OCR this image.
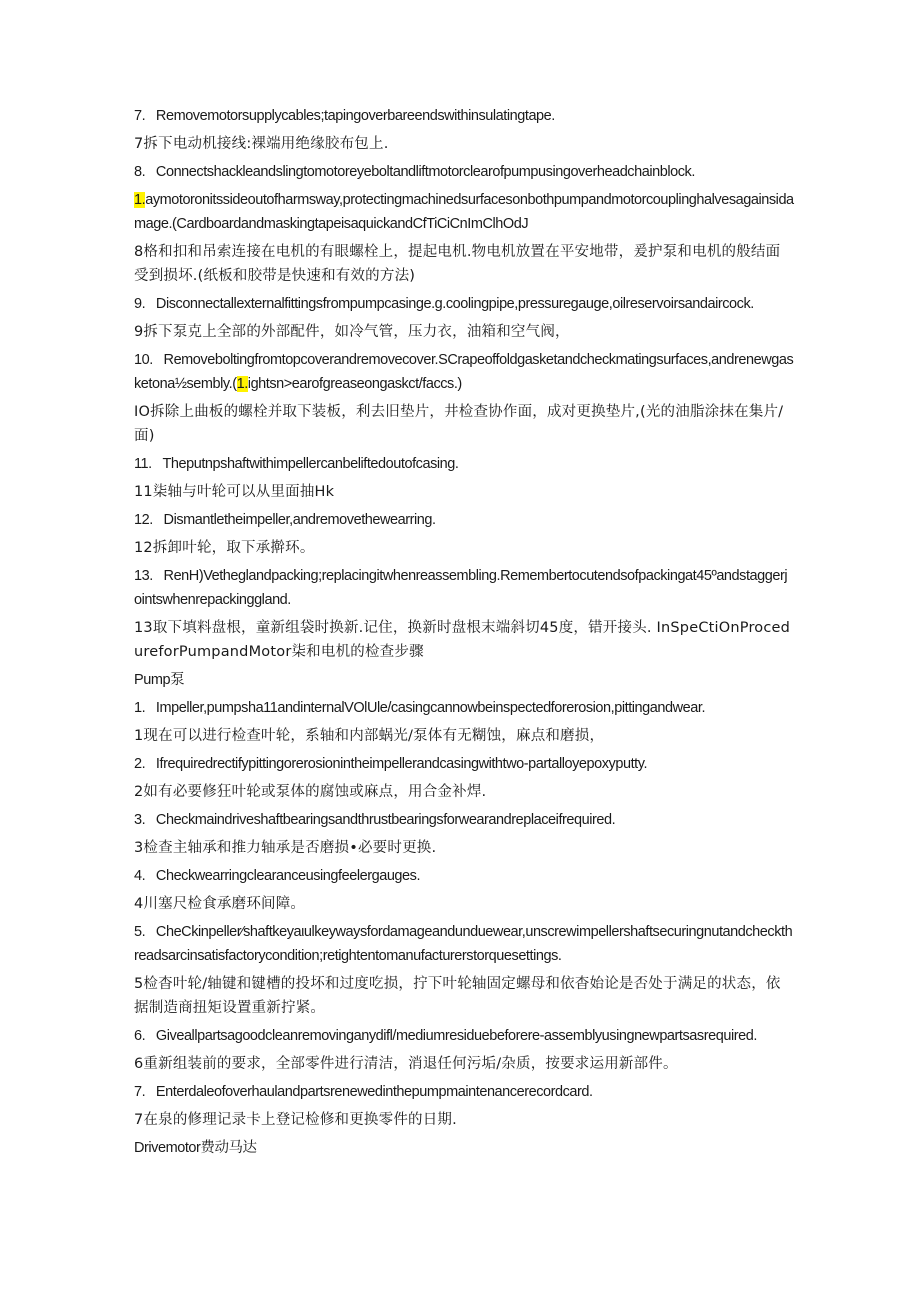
7.   Removemotorsupplycables;tapingoverbareendswithinsulatingtape.

7拆下电动机接线:裸端用绝缘胶布包上.

8.   Connectshackleandslingtomotoreyeboltandliftmotorclearofpumpusingoverheadchainblock.

1.aymotoronitssideoutofharmsway,protectingmachinedsurfacesonbothpumpandmotorcouplinghalvesagainsidamage.(CardboardandmaskingtapeisaquickandCfTiCiCnImClhOdJ

8格和扣和吊索连接在电机的有眼螺栓上，提起电机.物电机放置在平安地带，爰护泵和电机的般结面受到损坏.(纸板和胶带是快速和有效的方法)

9.   Disconnectallexternalfittingsfrompumpcasinge.g.coolingpipe,pressuregauge,oilreservoirsandaircock.

9拆下泵克上全部的外部配件，如冷气管，压力衣，油箱和空气阀，

10.   Removeboltingfromtopcoverandremovecover.SCrapeoffoldgasketandcheckmatingsurfaces,andrenewgasketona½sembly.(1.ightsn>earofgreaseongaskct/faccs.)

IO拆除上曲板的螺栓并取下装板，利去旧垫片，井检查协作面，成对更换垫片,(光的油脂涂抹在集片/面)

11.   Theputnpshaftwithimpellercanbeliftedoutofcasing.

11柒轴与叶轮可以从里面抽Hk

12.   Dismantletheimpeller,andremovethewearring.

12拆卸叶轮，取下承擀环。

13.   RenH)Vetheglandpacking;replacingitwhenreassembling.Remembertocutendsofpackingat45ºandstaggerjointswhenrepackinggland.

13取下填料盘根，童新组袋时换新.记住，换新时盘根末端斜切45度，错开接头. InSpeCtiOnProcedureforPumpandMotor柒和电机的检查步骤

Pump泵

1.   Impeller,pumpsha11andinternalVOlUle/casingcannowbeinspectedforerosion,pittingandwear.

1现在可以进行检查叶轮，系轴和内部蜗光/泵体有无糊蚀，麻点和磨损，

2.   Ifrequiredrectifypittingorerosionintheimpellerandcasingwithtwo-partalloyepoxyputty.

2如有必要修狂叶轮或泵体的腐蚀或麻点，用合金补焊.

3.   Checkmaindriveshaftbearingsandthrustbearingsforwearandreplaceifrequired.

3检查主轴承和推力轴承是否磨损•必要时更换.

4.   Checkwearringclearanceusingfeelergauges.

4川塞尺检食承磨环间障。

5.   CheCkinpeller∕shaftkeyaιulkeywaysfordamageandunduewear,unscrewimpellershaftsecuringnutandcheckthreadsarcinsatisfactorycondition;retightentomanufacturerstorquesettings.

5检杳叶轮/轴键和键槽的投坏和过度吃损，拧下叶轮轴固定螺母和依杳始论是否处于满足的状态，依据制造商扭矩设置重新拧紧。

6.   Giveallpartsagoodcleanremovinganydifl/mediumresiduebeforere-assemblyusingnewpartsasrequired.

6重新组装前的要求，全部零件进行清洁，消退任何污垢/杂质，按要求运用新部件。

7.   Enterdaleofoverhaulandpartsrenewedinthepumpmaintenancerecordcard.

7在泉的修理记录卡上登记检修和更换零件的日期.

Drivemotor费动马达
